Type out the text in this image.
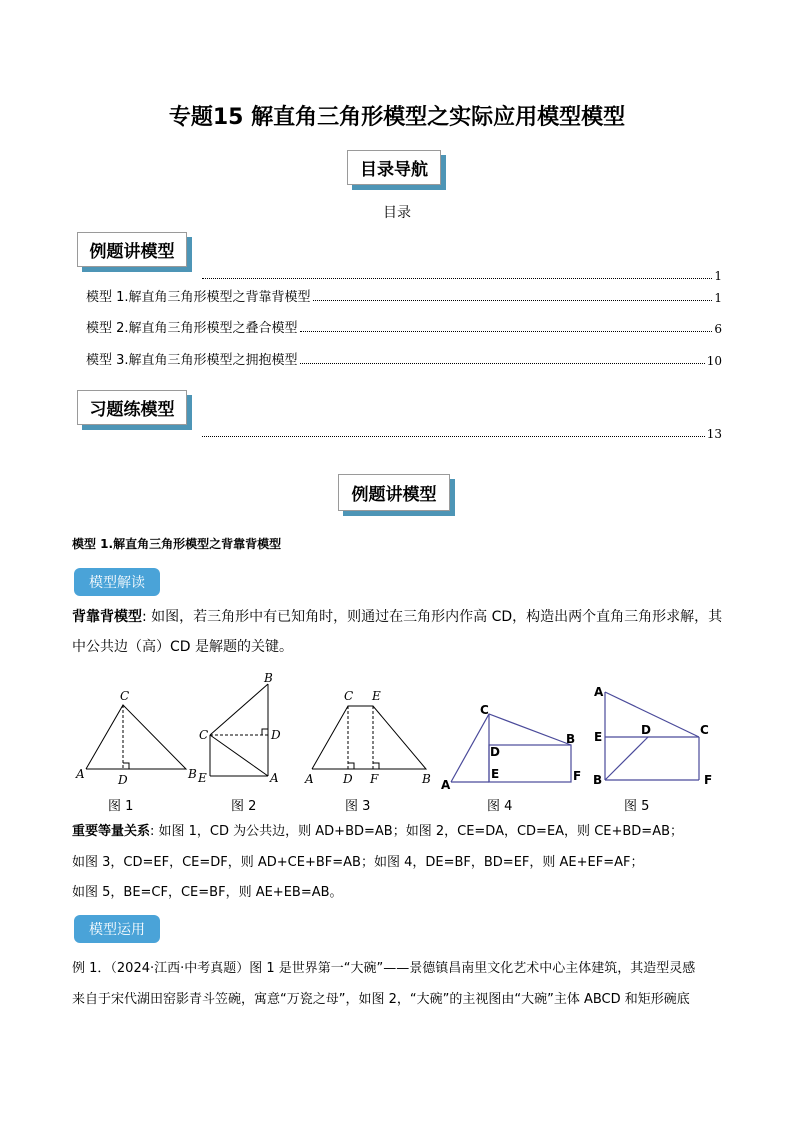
专题15 解直角三角形模型之实际应用模型模型
目录导航
目录
例题讲模型
1
模型 1.解直角三角形模型之背靠背模型	1
模型 2.解直角三角形模型之叠合模型	6
模型 3.解直角三角形模型之拥抱模型	10
习题练模型
13
例题讲模型
模型 1.解直角三角形模型之背靠背模型
模型解读
背靠背模型: 如图，若三角形中有已知角时，则通过在三角形内作高 CD，构造出两个直角三角形求解，其
中公共边（高）CD 是解题的关键。
C
A	D	B
B
C	D
E	A
C E
A D F	B
C
D
B
E
A
F
A
E	D	C
B	F
图 1	图 2	图 3	图 4	图 5
重要等量关系: 如图 1，CD 为公共边，则 AD+BD=AB；如图 2，CE=DA，CD=EA，则 CE+BD=AB；
如图 3，CD=EF，CE=DF，则 AD+CE+BF=AB；如图 4，DE=BF，BD=EF，则 AE+EF=AF；
如图 5，BE=CF，CE=BF，则 AE+EB=AB。
模型运用
例 1．（2024·江西·中考真题）图 1 是世界第一“大碗”——景德镇昌南里文化艺术中心主体建筑，其造型灵感
来自于宋代湖田窑影青斗笠碗，寓意“万瓷之母”，如图 2，“大碗”的主视图由“大碗”主体 ABCD 和矩形碗底
